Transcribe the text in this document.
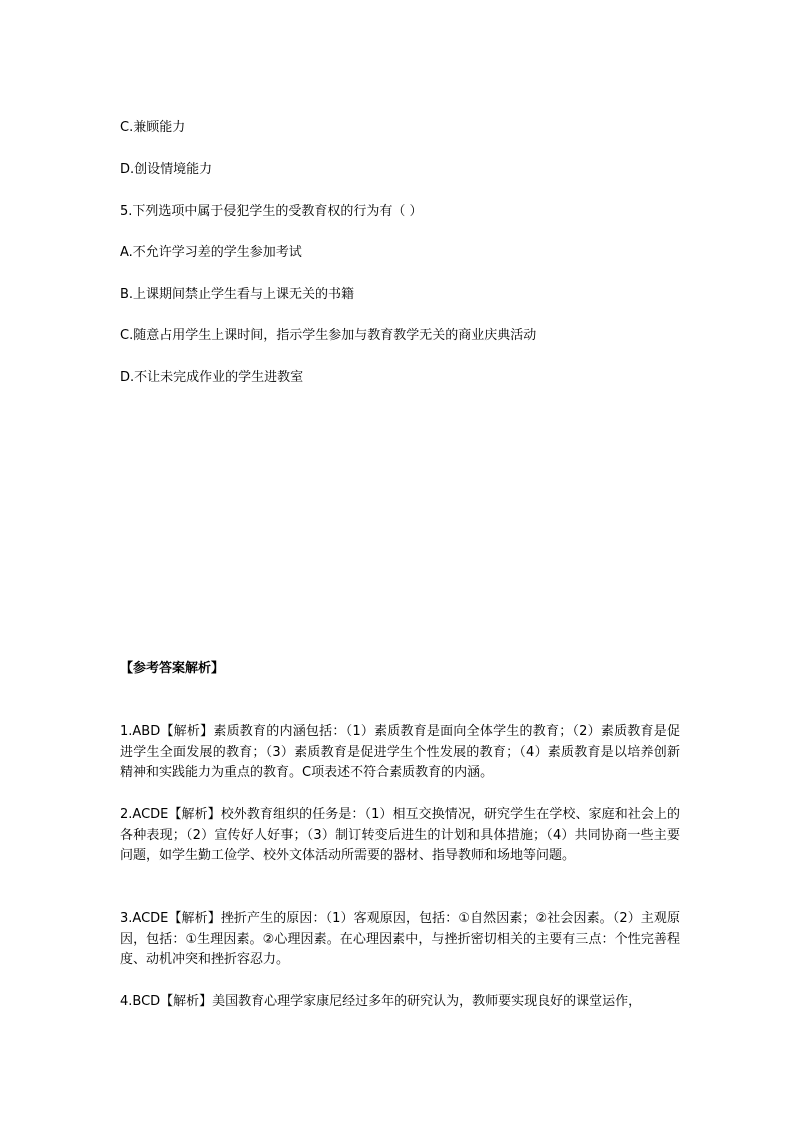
C.兼顾能力
D.创设情境能力
5.下列选项中属于侵犯学生的受教育权的行为有（ ）
A.不允许学习差的学生参加考试
B.上课期间禁止学生看与上课无关的书籍
C.随意占用学生上课时间，指示学生参加与教育教学无关的商业庆典活动
D.不让未完成作业的学生进教室
【参考答案解析】
1.ABD【解析】素质教育的内涵包括：（1）素质教育是面向全体学生的教育；（2）素质教育是促进学生全面发展的教育；（3）素质教育是促进学生个性发展的教育；（4）素质教育是以培养创新精神和实践能力为重点的教育。C项表述不符合素质教育的内涵。
2.ACDE【解析】校外教育组织的任务是：（1）相互交换情况，研究学生在学校、家庭和社会上的各种表现；（2）宣传好人好事；（3）制订转变后进生的计划和具体措施；（4）共同协商一些主要问题，如学生勤工俭学、校外文体活动所需要的器材、指导教师和场地等问题。
3.ACDE【解析】挫折产生的原因：（1）客观原因，包括：①自然因素；②社会因素。（2）主观原因，包括：①生理因素。②心理因素。在心理因素中，与挫折密切相关的主要有三点：个性完善程度、动机冲突和挫折容忍力。
4.BCD【解析】美国教育心理学家康尼经过多年的研究认为，教师要实现良好的课堂运作，
